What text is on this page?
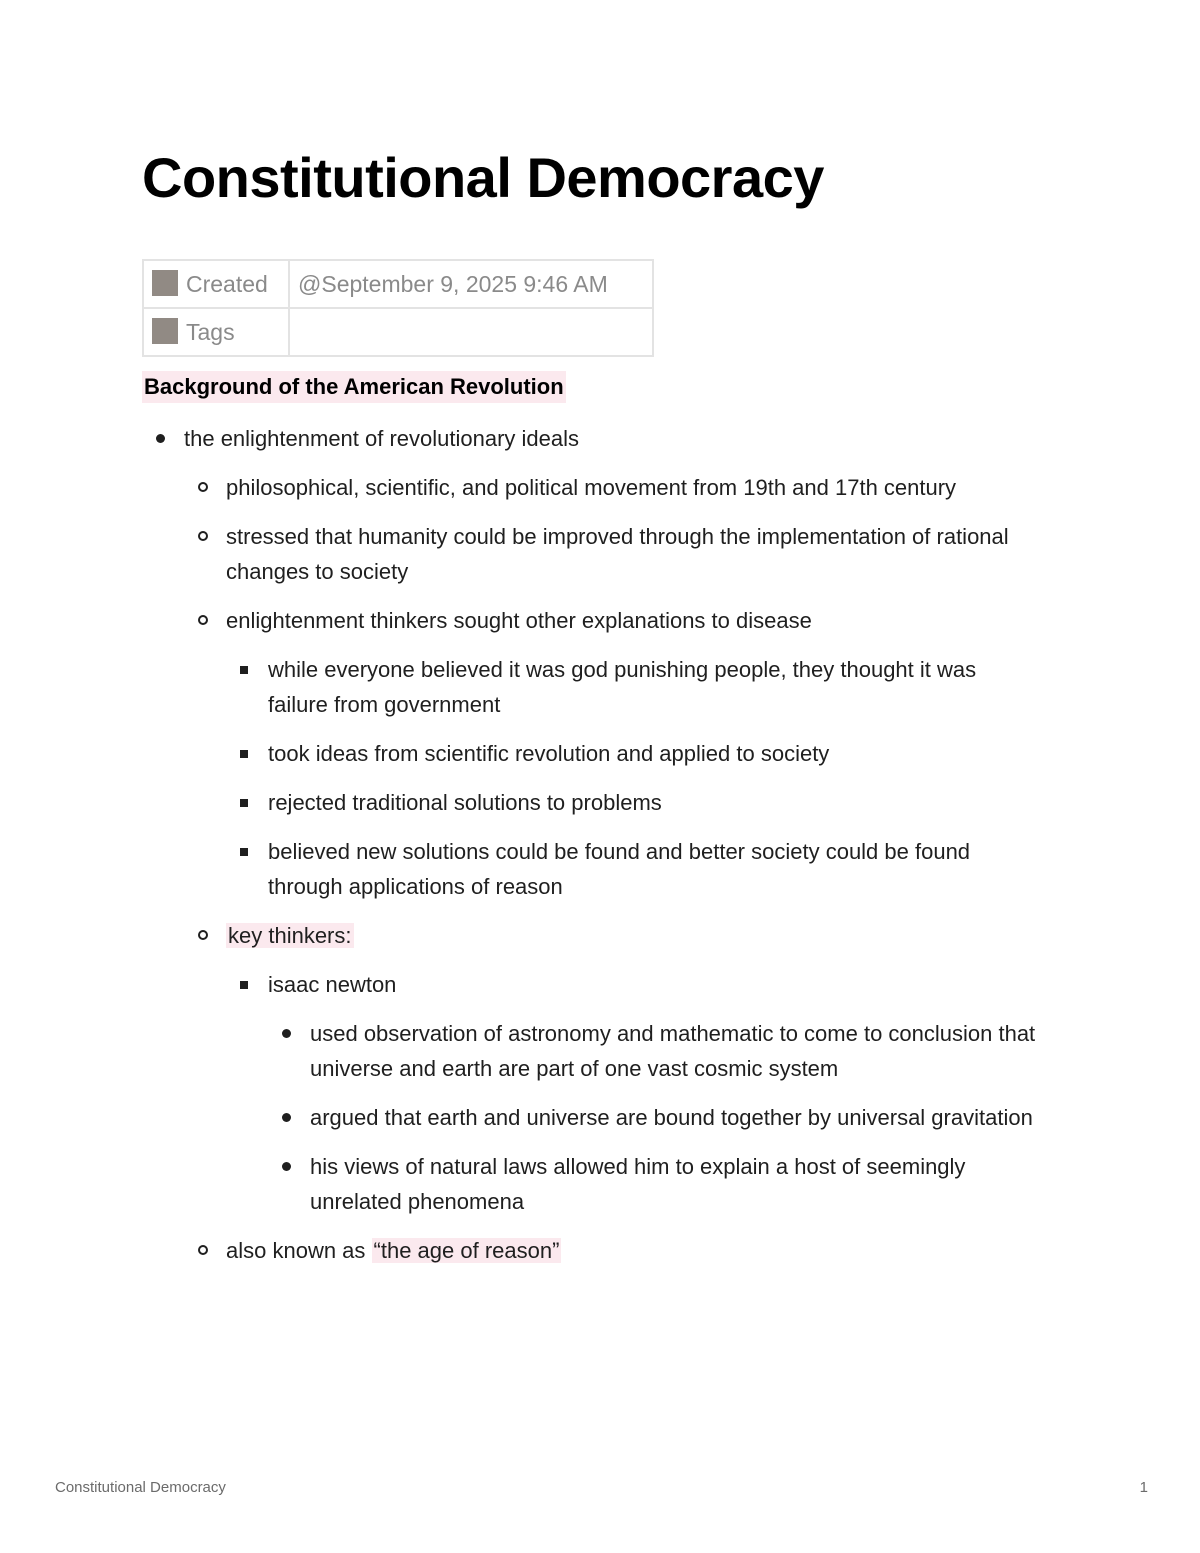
Constitutional Democracy
Created	@September 9, 2025 9:46 AM
Tags	
Background of the American Revolution
the enlightenment of revolutionary ideals
philosophical, scientific, and political movement from 19th and 17th century
stressed that humanity could be improved through the implementation of rational changes to society
enlightenment thinkers sought other explanations to disease
while everyone believed it was god punishing people, they thought it was failure from government
took ideas from scientific revolution and applied to society
rejected traditional solutions to problems
believed new solutions could be found and better society could be found through applications of reason
key thinkers:
isaac newton
used observation of astronomy and mathematic to come to conclusion that universe and earth are part of one vast cosmic system
argued that earth and universe are bound together by universal gravitation
his views of natural laws allowed him to explain a host of seemingly unrelated phenomena
also known as “the age of reason”
Constitutional Democracy	1
